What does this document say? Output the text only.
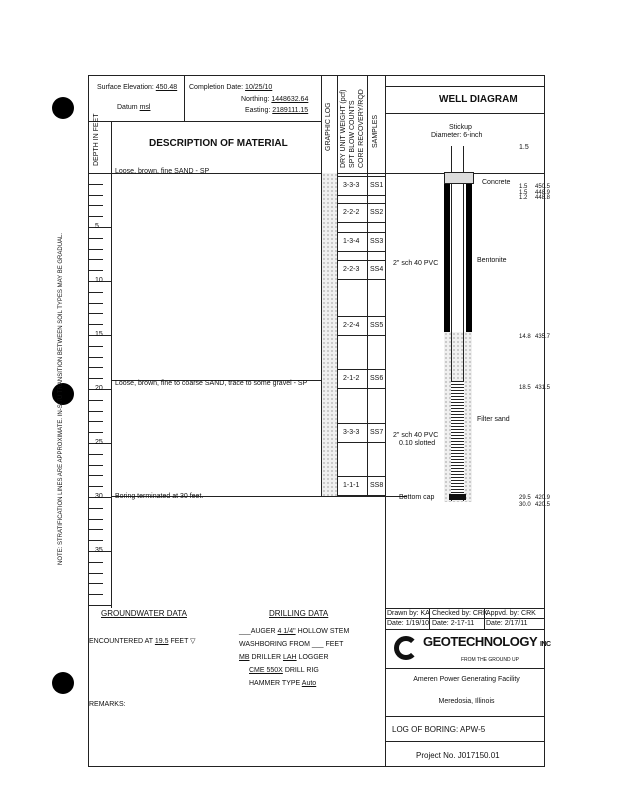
NOTE: STRATIFICATION LINES ARE APPROXIMATE. IN-SITU TRANSITION BETWEEN SOIL TYPES MAY BE GRADUAL.
Surface Elevation: 450.48
Datum msl
Completion Date: 10/25/10
Northing: 1448632.64
Easting: 2189111.15
DEPTH IN FEET	DESCRIPTION OF MATERIAL	GRAPHIC LOG DRY UNIT WEIGHT (pcf) SPT BLOW COUNTS CORE RECOVERY/RQD SAMPLES
WELL DIAGRAM
5
10
15
20
25
30
35
Loose, brown, fine SAND - SP
Loose, brown, fine to coarse SAND, trace to some gravel - SP
Boring terminated at 30 feet.
3-3-3 SS1
2-2-2 SS2
1-3-4 SS3
2-2-3 SS4
2-2-4 SS5
2-1-2 SS6
3-3-3 SS7
1-1-1 SS8
Stickup
Diameter: 6-inch
Concrete
Bentonite
2" sch 40 PVC
Filter sand
2" sch 40 PVC
0.10 slotted
Bottom cap
1.5
1.5 450.5
1.5 448.9
1.2 448.8
14.8 435.7
18.5 431.5
29.5 420.9
30.0 420.5
GROUNDWATER DATA
ENCOUNTERED AT 19.5 FEET ▽
DRILLING DATA
___AUGER 4 1/4" HOLLOW STEM
WASHBORING FROM ___ FEET
MB DRILLER LAH LOGGER
CME 550X DRILL RIG
HAMMER TYPE Auto
REMARKS:
Drawn by: KA Checked by: CRK
Appvd. by: CRK
Date: 1/19/10 Date: 2-17-11 Date: 2/17/11
GEOTECHNOLOGY INC
FROM THE GROUND UP
Ameren Power Generating Facility
Meredosia, Illinois
LOG OF BORING: APW-5
Project No. J017150.01
